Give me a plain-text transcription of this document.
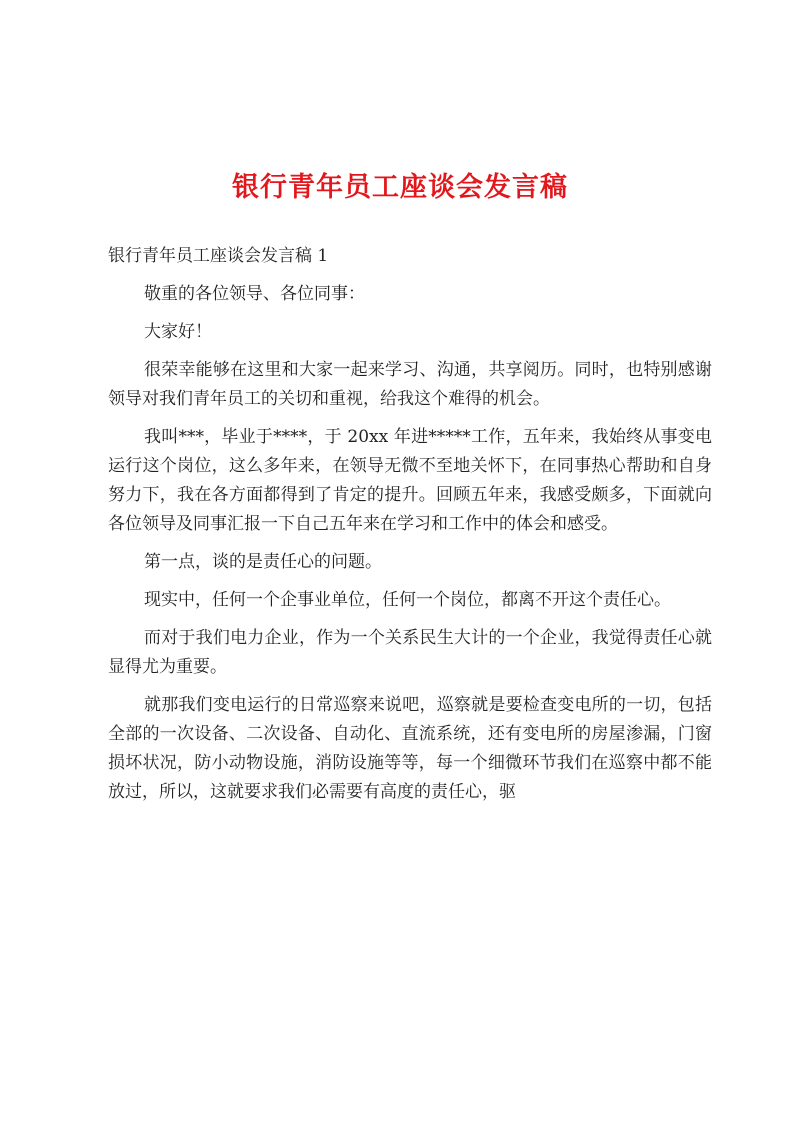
银行青年员工座谈会发言稿
银行青年员工座谈会发言稿 1

敬重的各位领导、各位同事：

大家好！

很荣幸能够在这里和大家一起来学习、沟通，共享阅历。同时，也特别感谢领导对我们青年员工的关切和重视，给我这个难得的机会。

我叫***，毕业于****，于 20xx 年进*****工作，五年来，我始终从事变电运行这个岗位，这么多年来，在领导无微不至地关怀下，在同事热心帮助和自身努力下，我在各方面都得到了肯定的提升。回顾五年来，我感受颇多，下面就向各位领导及同事汇报一下自己五年来在学习和工作中的体会和感受。

第一点，谈的是责任心的问题。

现实中，任何一个企事业单位，任何一个岗位，都离不开这个责任心。

而对于我们电力企业，作为一个关系民生大计的一个企业，我觉得责任心就显得尤为重要。

就那我们变电运行的日常巡察来说吧，巡察就是要检查变电所的一切，包括全部的一次设备、二次设备、自动化、直流系统，还有变电所的房屋渗漏，门窗损坏状况，防小动物设施，消防设施等等，每一个细微环节我们在巡察中都不能放过，所以，这就要求我们必需要有高度的责任心，驱
